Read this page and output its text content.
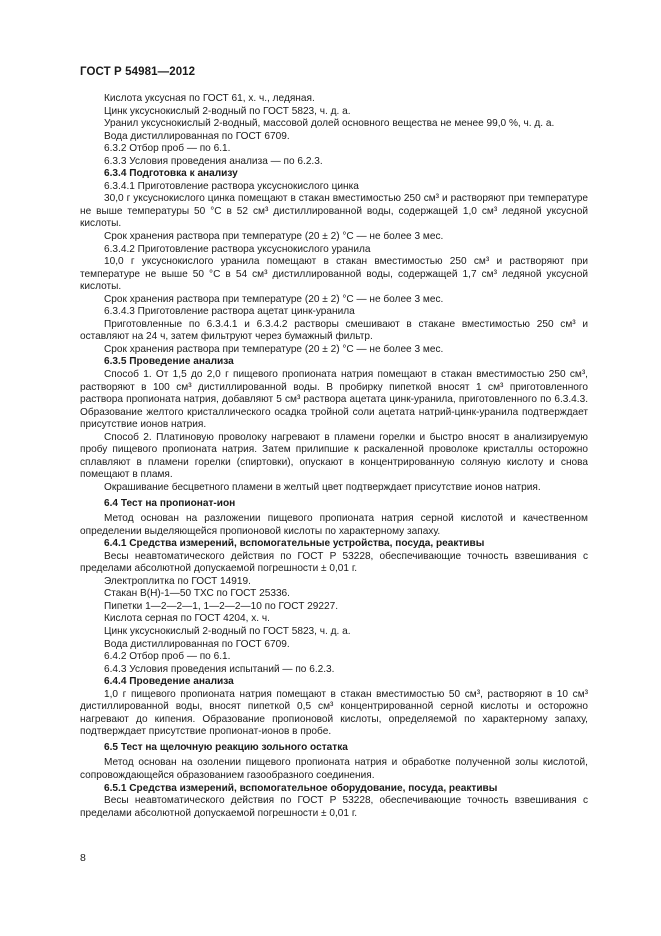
ГОСТ Р 54981—2012

Кислота уксусная по ГОСТ 61, х. ч., ледяная.

Цинк уксуснокислый 2-водный по ГОСТ 5823, ч. д. а.

Уранил уксуснокислый 2-водный, массовой долей основного вещества не менее 99,0 %, ч. д. а.

Вода дистиллированная по ГОСТ 6709.

6.3.2 Отбор проб — по 6.1.

6.3.3 Условия проведения анализа — по 6.2.3.

6.3.4 Подготовка к анализу

6.3.4.1 Приготовление раствора уксуснокислого цинка

30,0 г уксуснокислого цинка помещают в стакан вместимостью 250 см³ и растворяют при температуре не выше температуры 50 °С в 52 см³ дистиллированной воды, содержащей 1,0 см³ ледяной уксусной кислоты.

Срок хранения раствора при температуре (20 ± 2) °С — не более 3 мес.

6.3.4.2 Приготовление раствора уксуснокислого уранила

10,0 г уксуснокислого уранила помещают в стакан вместимостью 250 см³ и растворяют при температуре не выше 50 °С в 54 см³ дистиллированной воды, содержащей 1,7 см³ ледяной уксусной кислоты.

Срок хранения раствора при температуре (20 ± 2) °С — не более 3 мес.

6.3.4.3 Приготовление раствора ацетат цинк-уранила

Приготовленные по 6.3.4.1 и 6.3.4.2 растворы смешивают в стакане вместимостью 250 см³ и оставляют на 24 ч, затем фильтруют через бумажный фильтр.

Срок хранения раствора при температуре (20 ± 2) °С — не более 3 мес.

6.3.5 Проведение анализа

Способ 1. От 1,5 до 2,0 г пищевого пропионата натрия помещают в стакан вместимостью 250 см³, растворяют в 100 см³ дистиллированной воды. В пробирку пипеткой вносят 1 см³ приготовленного раствора пропионата натрия, добавляют 5 см³ раствора ацетата цинк-уранила, приготовленного по 6.3.4.3. Образование желтого кристаллического осадка тройной соли ацетата натрий-цинк-уранила подтверждает присутствие ионов натрия.

Способ 2. Платиновую проволоку нагревают в пламени горелки и быстро вносят в анализируемую пробу пищевого пропионата натрия. Затем прилипшие к раскаленной проволоке кристаллы осторожно сплавляют в пламени горелки (спиртовки), опускают в концентрированную соляную кислоту и снова помещают в пламя.

Окрашивание бесцветного пламени в желтый цвет подтверждает присутствие ионов натрия.

6.4 Тест на пропионат-ион

Метод основан на разложении пищевого пропионата натрия серной кислотой и качественном определении выделяющейся пропионовой кислоты по характерному запаху.

6.4.1 Средства измерений, вспомогательные устройства, посуда, реактивы

Весы неавтоматического действия по ГОСТ Р 53228, обеспечивающие точность взвешивания с пределами абсолютной допускаемой погрешности ± 0,01 г.

Электроплитка по ГОСТ 14919.

Стакан В(Н)-1—50 ТХС по ГОСТ 25336.

Пипетки 1—2—2—1, 1—2—2—10 по ГОСТ 29227.

Кислота серная по ГОСТ 4204, х. ч.

Цинк уксуснокислый 2-водный по ГОСТ 5823, ч. д. а.

Вода дистиллированная по ГОСТ 6709.

6.4.2 Отбор проб — по 6.1.

6.4.3 Условия проведения испытаний — по 6.2.3.

6.4.4 Проведение анализа

1,0 г пищевого пропионата натрия помещают в стакан вместимостью 50 см³, растворяют в 10 см³ дистиллированной воды, вносят пипеткой 0,5 см³ концентрированной серной кислоты и осторожно нагревают до кипения. Образование пропионовой кислоты, определяемой по характерному запаху, подтверждает присутствие пропионат-ионов в пробе.

6.5 Тест на щелочную реакцию зольного остатка

Метод основан на озолении пищевого пропионата натрия и обработке полученной золы кислотой, сопровождающейся образованием газообразного соединения.

6.5.1 Средства измерений, вспомогательное оборудование, посуда, реактивы

Весы неавтоматического действия по ГОСТ Р 53228, обеспечивающие точность взвешивания с пределами абсолютной допускаемой погрешности ± 0,01 г.

8
